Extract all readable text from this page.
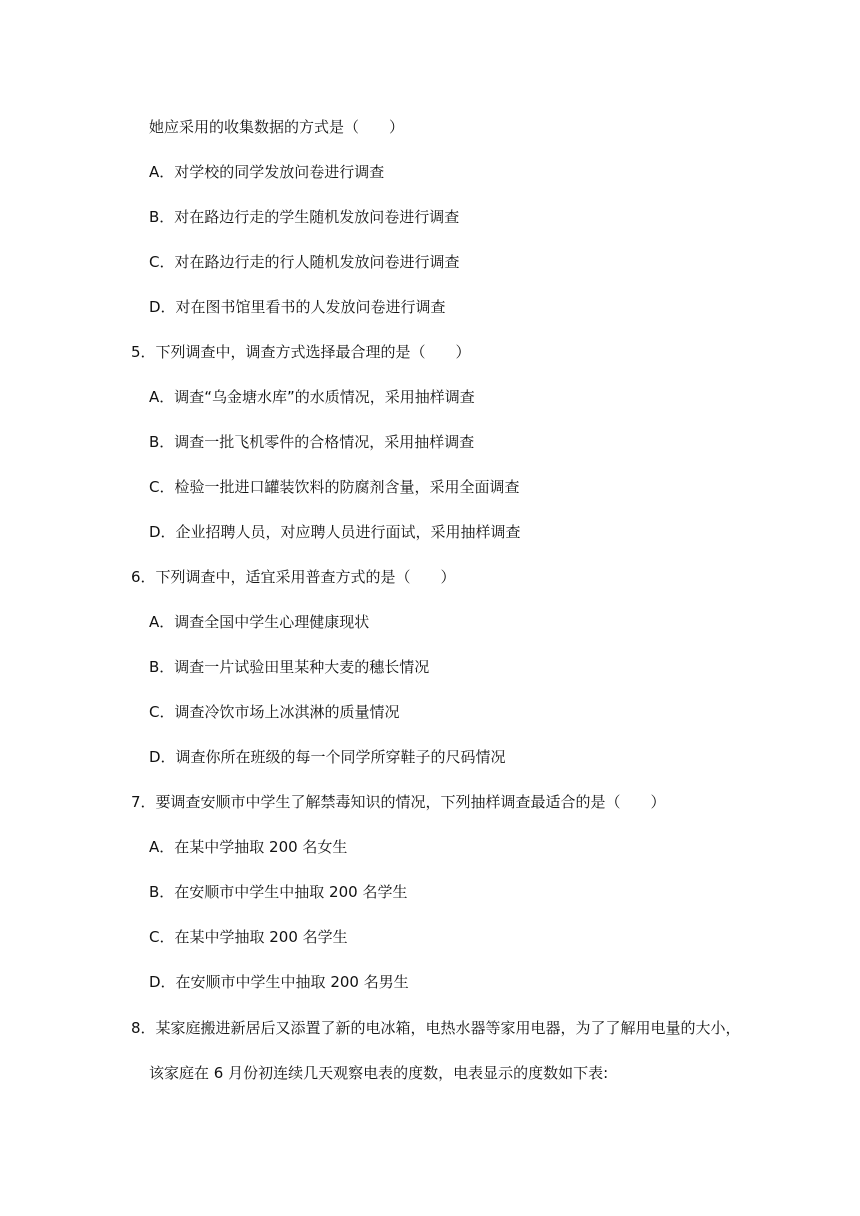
她应采用的收集数据的方式是（　　）
A．对学校的同学发放问卷进行调查
B．对在路边行走的学生随机发放问卷进行调查
C．对在路边行走的行人随机发放问卷进行调查
D．对在图书馆里看书的人发放问卷进行调查
5．下列调查中，调查方式选择最合理的是（　　）
A．调查“乌金塘水库”的水质情况，采用抽样调查
B．调查一批飞机零件的合格情况，采用抽样调查
C．检验一批进口罐装饮料的防腐剂含量，采用全面调查
D．企业招聘人员，对应聘人员进行面试，采用抽样调查
6．下列调查中，适宜采用普查方式的是（　　）
A．调查全国中学生心理健康现状
B．调查一片试验田里某种大麦的穗长情况
C．调查冷饮市场上冰淇淋的质量情况
D．调查你所在班级的每一个同学所穿鞋子的尺码情况
7．要调查安顺市中学生了解禁毒知识的情况，下列抽样调查最适合的是（　　）
A．在某中学抽取 200 名女生
B．在安顺市中学生中抽取 200 名学生
C．在某中学抽取 200 名学生
D．在安顺市中学生中抽取 200 名男生
8．某家庭搬进新居后又添置了新的电冰箱，电热水器等家用电器，为了了解用电量的大小，
该家庭在 6 月份初连续几天观察电表的度数，电表显示的度数如下表:
